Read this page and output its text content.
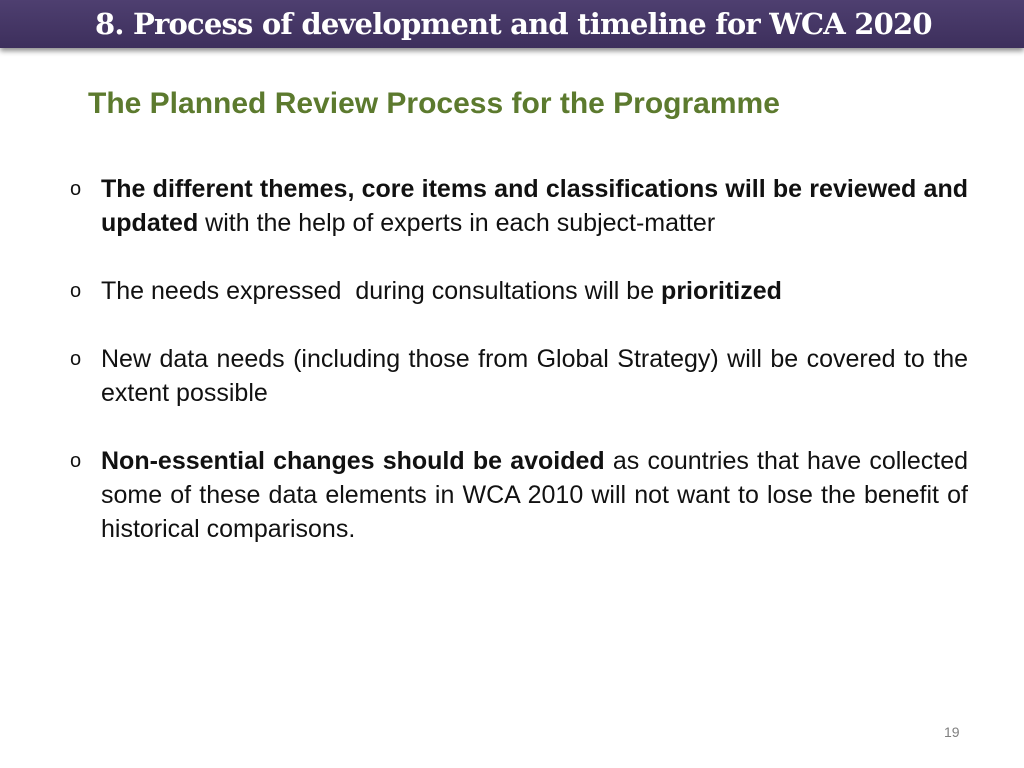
8. Process of development and timeline for WCA 2020
The Planned Review Process for the Programme
o The different themes, core items and classifications will be reviewed and updated with the help of experts in each subject-matter
o The needs expressed  during consultations will be prioritized
o New data needs (including those from Global Strategy) will be covered to the extent possible
o Non-essential changes should be avoided as countries that have collected some of these data elements in WCA 2010 will not want to lose the benefit of historical comparisons.
19
